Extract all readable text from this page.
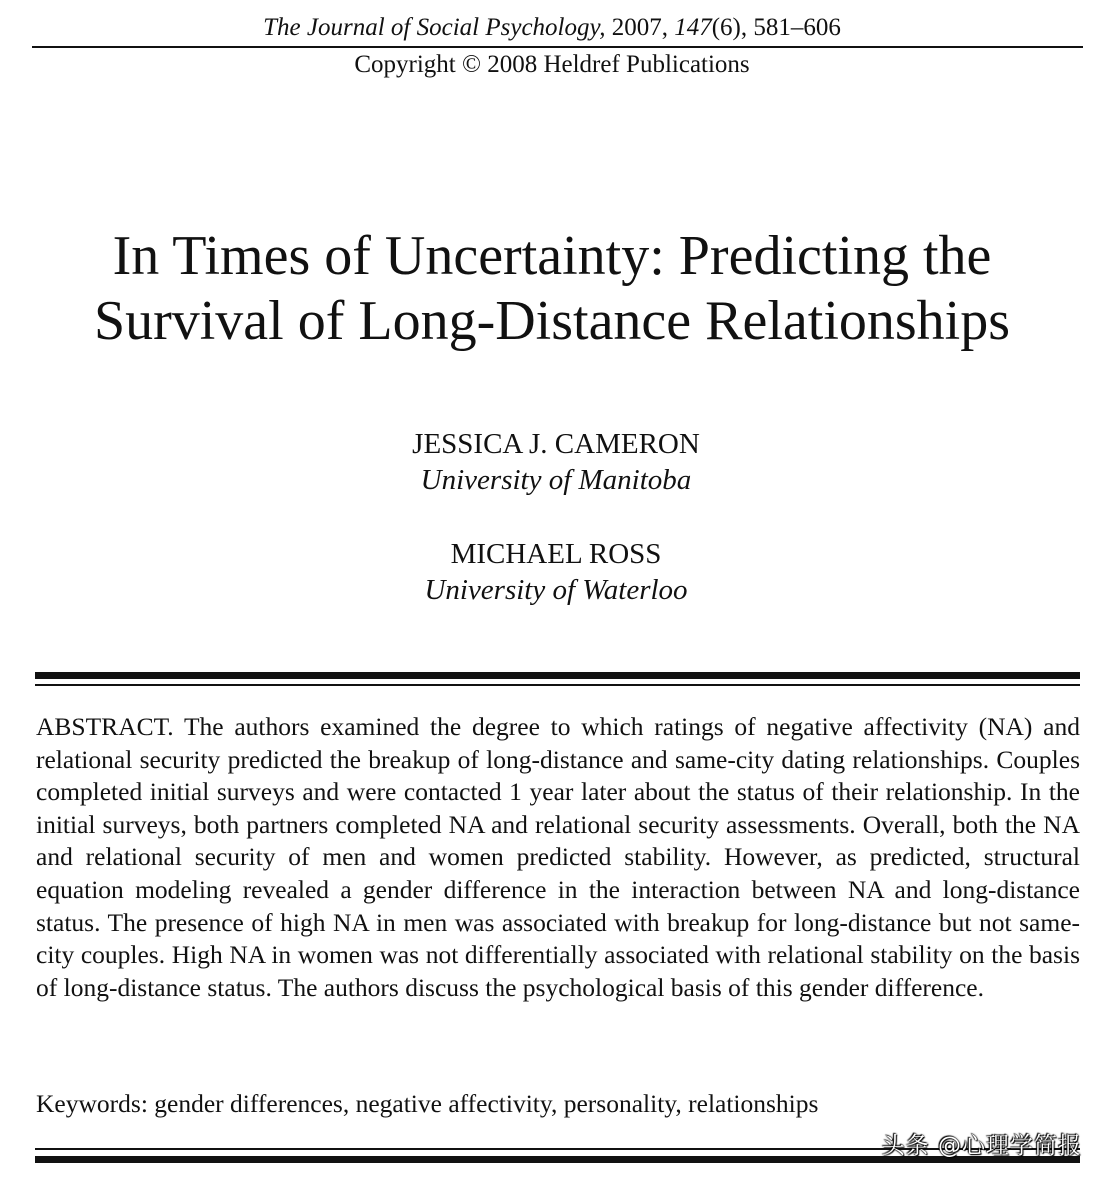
The Journal of Social Psychology, 2007, 147(6), 581–606
Copyright © 2008 Heldref Publications
In Times of Uncertainty: Predicting the
Survival of Long-Distance Relationships
JESSICA J. CAMERON
University of Manitoba
MICHAEL ROSS
University of Waterloo

ABSTRACT. The authors examined the degree to which ratings of negative affectivity (NA) and relational security predicted the breakup of long-distance and same-city dating relationships. Couples completed initial surveys and were contacted 1 year later about the status of their relationship. In the initial surveys, both partners completed NA and relational security assessments. Overall, both the NA and relational security of men and women predicted stability. However, as predicted, structural equation modeling revealed a gender difference in the interaction between NA and long-distance status. The presence of high NA in men was associated with breakup for long-distance but not same-city couples. High NA in women was not differentially associated with relational stability on the basis of long-distance status. The authors discuss the psychological basis of this gender difference.

Keywords: gender differences, negative affectivity, personality, relationships

头条 @心理学简报
